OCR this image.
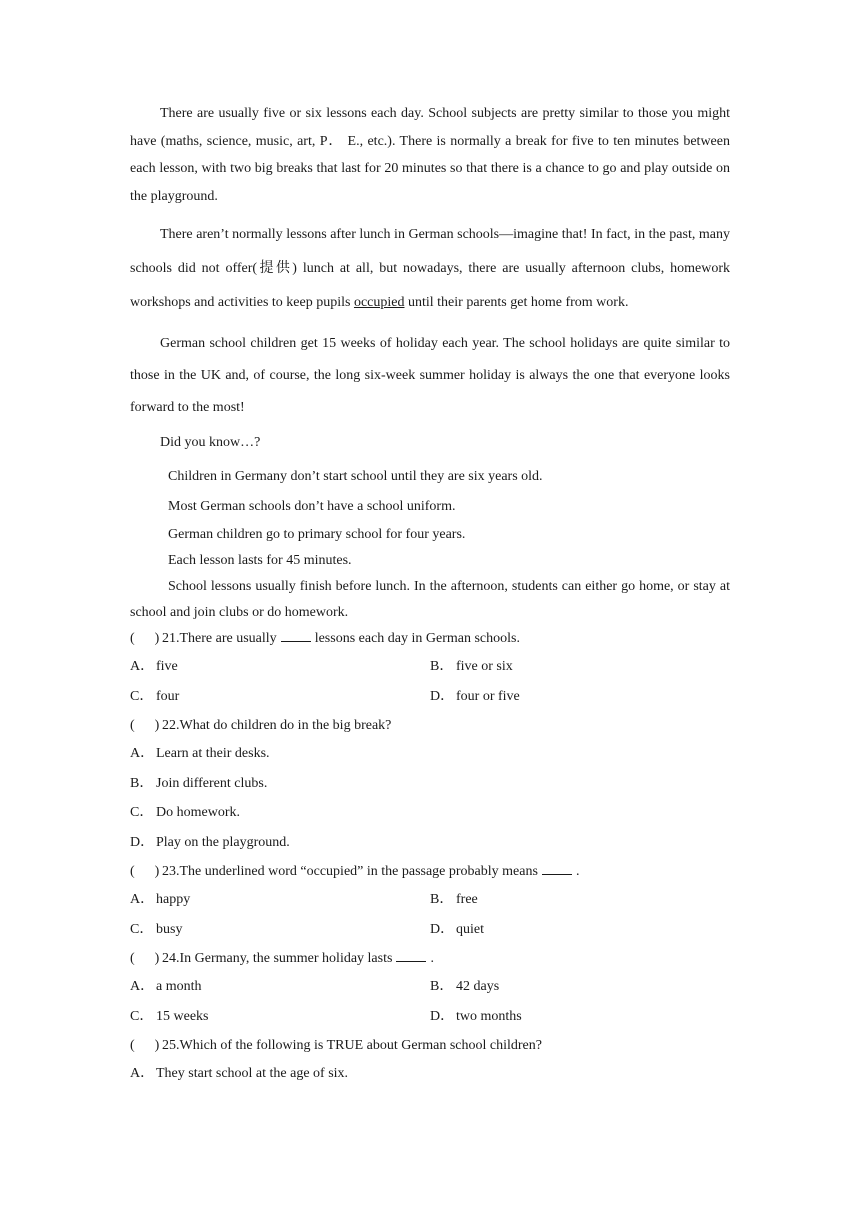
There are usually five or six lessons each day. School subjects are pretty similar to those you might have (maths, science, music, art, P． E., etc.). There is normally a break for five to ten minutes between each lesson, with two big breaks that last for 20 minutes so that there is a chance to go and play outside on the playground.

There aren’t normally lessons after lunch in German schools—imagine that! In fact, in the past, many schools did not offer(提供) lunch at all, but nowadays, there are usually afternoon clubs, homework workshops and activities to keep pupils occupied until their parents get home from work.

German school children get 15 weeks of holiday each year. The school holidays are quite similar to those in the UK and, of course, the long six-week summer holiday is always the one that everyone looks forward to the most!

Did you know…?

Children in Germany don’t start school until they are six years old.

Most German schools don’t have a school uniform.

German children go to primary school for four years.

Each lesson lasts for 45 minutes.

School lessons usually finish before lunch. In the afternoon, students can either go home, or stay at school and join clubs or do homework.

( ) 21.There are usually	lessons each day in German schools.

A． five	B． five or six
C． four	D． four or five

( ) 22.What do children do in the big break?

A． Learn at their desks.
B． Join different clubs.
C． Do homework.
D． Play on the playground.

( ) 23.The underlined word “occupied” in the passage probably means	.

A． happy	B． free
C． busy	D． quiet

( ) 24.In Germany, the summer holiday lasts	.

A． a month	B． 42 days
C． 15 weeks	D． two months

( ) 25.Which of the following is TRUE about German school children?

A． They start school at the age of six.
